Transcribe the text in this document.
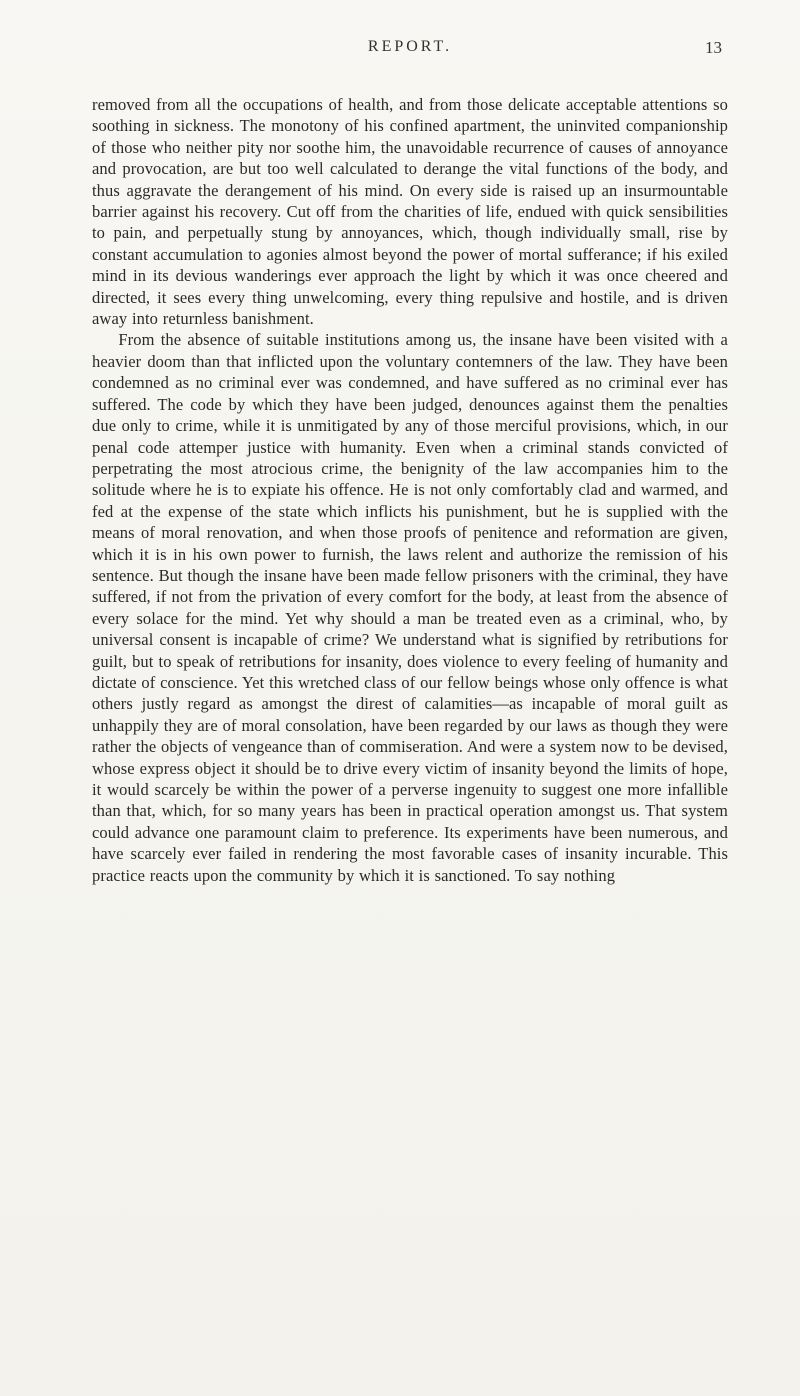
REPORT.	13

removed from all the occupations of health, and from those delicate acceptable attentions so soothing in sickness. The monotony of his confined apartment, the uninvited companionship of those who neither pity nor soothe him, the unavoidable recurrence of causes of annoyance and provocation, are but too well calculated to derange the vital functions of the body, and thus aggravate the derangement of his mind. On every side is raised up an insurmountable barrier against his recovery. Cut off from the charities of life, endued with quick sensibilities to pain, and perpetually stung by annoyances, which, though individually small, rise by constant accumulation to agonies almost beyond the power of mortal sufferance; if his exiled mind in its devious wanderings ever approach the light by which it was once cheered and directed, it sees every thing unwelcoming, every thing repulsive and hostile, and is driven away into returnless banishment.

From the absence of suitable institutions among us, the insane have been visited with a heavier doom than that inflicted upon the voluntary contemners of the law. They have been condemned as no criminal ever was condemned, and have suffered as no criminal ever has suffered. The code by which they have been judged, denounces against them the penalties due only to crime, while it is unmitigated by any of those merciful provisions, which, in our penal code attemper justice with humanity. Even when a criminal stands convicted of perpetrating the most atrocious crime, the benignity of the law accompanies him to the solitude where he is to expiate his offence. He is not only comfortably clad and warmed, and fed at the expense of the state which inflicts his punishment, but he is supplied with the means of moral renovation, and when those proofs of penitence and reformation are given, which it is in his own power to furnish, the laws relent and authorize the remission of his sentence. But though the insane have been made fellow prisoners with the criminal, they have suffered, if not from the privation of every comfort for the body, at least from the absence of every solace for the mind. Yet why should a man be treated even as a criminal, who, by universal consent is incapable of crime? We understand what is signified by retributions for guilt, but to speak of retributions for insanity, does violence to every feeling of humanity and dictate of conscience. Yet this wretched class of our fellow beings whose only offence is what others justly regard as amongst the direst of calamities—as incapable of moral guilt as unhappily they are of moral consolation, have been regarded by our laws as though they were rather the objects of vengeance than of commiseration. And were a system now to be devised, whose express object it should be to drive every victim of insanity beyond the limits of hope, it would scarcely be within the power of a perverse ingenuity to suggest one more infallible than that, which, for so many years has been in practical operation amongst us. That system could advance one paramount claim to preference. Its experiments have been numerous, and have scarcely ever failed in rendering the most favorable cases of insanity incurable. This practice reacts upon the community by which it is sanctioned. To say nothing
